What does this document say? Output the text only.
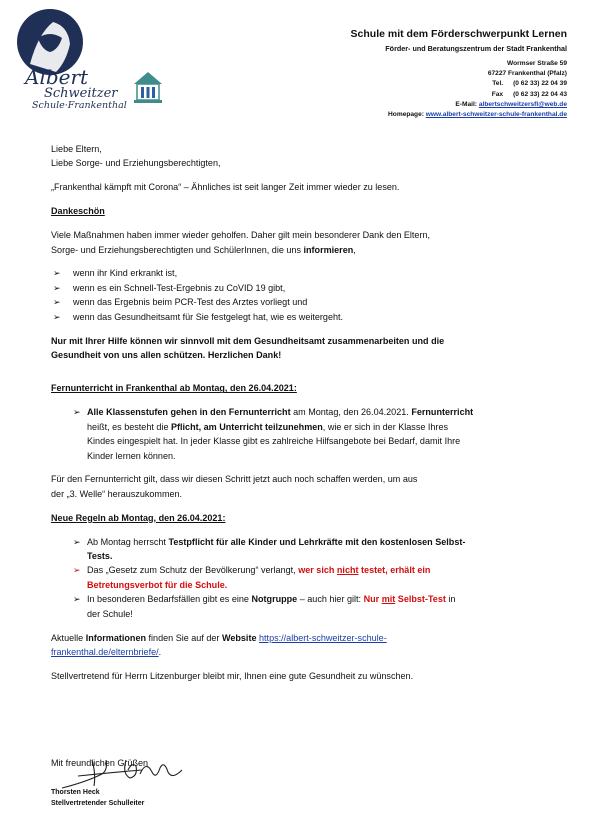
Albert
Schweitzer
Schule·Frankenthal
Schule mit dem Förderschwerpunkt Lernen
Förder- und Beratungszentrum der Stadt Frankenthal
Wormser Straße 59
67227 Frankenthal (Pfalz)
Tel. (0 62 33) 22 04 39
Fax (0 62 33) 22 04 43
E-Mail: albertschweitzersfl@web.de
Homepage: www.albert-schweitzer-schule-frankenthal.de

Liebe Eltern,

Liebe Sorge- und Erziehungsberechtigten,

„Frankenthal kämpft mit Corona“ – Ähnliches ist seit langer Zeit immer wieder zu lesen.

Dankeschön

Viele Maßnahmen haben immer wieder geholfen. Daher gilt mein besonderer Dank den Eltern,
Sorge- und Erziehungsberechtigten und SchülerInnen, die uns informieren,

➢ wenn ihr Kind erkrankt ist,
➢ wenn es ein Schnell-Test-Ergebnis zu CoVID 19 gibt,
➢ wenn das Ergebnis beim PCR-Test des Arztes vorliegt und
➢ wenn das Gesundheitsamt für Sie festgelegt hat, wie es weitergeht.

Nur mit Ihrer Hilfe können wir sinnvoll mit dem Gesundheitsamt zusammenarbeiten und die
Gesundheit von uns allen schützen. Herzlichen Dank!

Fernunterricht in Frankenthal ab Montag, den 26.04.2021:

➢ Alle Klassenstufen gehen in den Fernunterricht am Montag, den 26.04.2021. Fernunterricht
heißt, es besteht die Pflicht, am Unterricht teilzunehmen, wie er sich in der Klasse Ihres
Kindes eingespielt hat. In jeder Klasse gibt es zahlreiche Hilfsangebote bei Bedarf, damit Ihre
Kinder lernen können.

Für den Fernunterricht gilt, dass wir diesen Schritt jetzt auch noch schaffen werden, um aus
der „3. Welle“ herauszukommen.

Neue Regeln ab Montag, den 26.04.2021:

➢ Ab Montag herrscht Testpflicht für alle Kinder und Lehrkräfte mit den kostenlosen Selbst-
Tests.
➢ Das „Gesetz zum Schutz der Bevölkerung“ verlangt, wer sich nicht testet, erhält ein
Betretungsverbot für die Schule.
➢ In besonderen Bedarfsfällen gibt es eine Notgruppe – auch hier gilt: Nur mit Selbst-Test in
der Schule!

Aktuelle Informationen finden Sie auf der Website https://albert-schweitzer-schule-
frankenthal.de/elternbriefe/.

Stellvertretend für Herrn Litzenburger bleibt mir, Ihnen eine gute Gesundheit zu wünschen.

Mit freundlichen Grüßen
Thorsten Heck
Stellvertretender Schulleiter
